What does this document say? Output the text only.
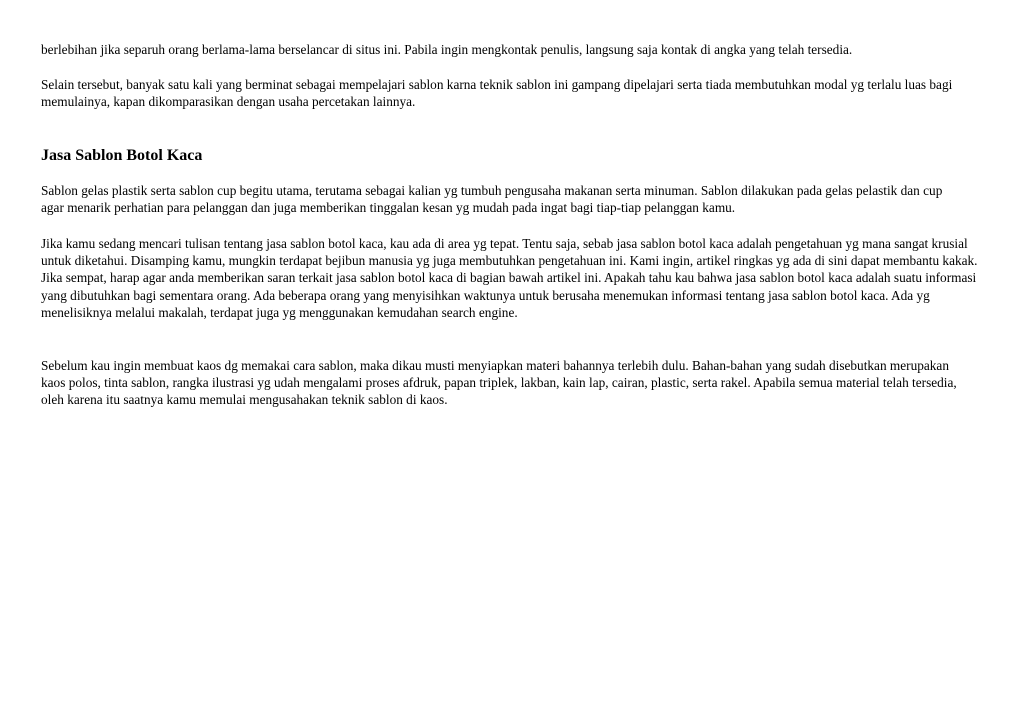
berlebihan jika separuh orang berlama-lama berselancar di situs ini. Pabila ingin mengkontak penulis, langsung saja kontak di angka yang telah tersedia.

Selain tersebut, banyak satu kali yang berminat sebagai mempelajari sablon karna teknik sablon ini gampang dipelajari serta tiada membutuhkan modal yg terlalu luas bagi memulainya, kapan dikomparasikan dengan usaha percetakan lainnya.

Jasa Sablon Botol Kaca

Sablon gelas plastik serta sablon cup begitu utama, terutama sebagai kalian yg tumbuh pengusaha makanan serta minuman. Sablon dilakukan pada gelas pelastik dan cup agar menarik perhatian para pelanggan dan juga memberikan tinggalan kesan yg mudah pada ingat bagi tiap-tiap pelanggan kamu.

Jika kamu sedang mencari tulisan tentang jasa sablon botol kaca, kau ada di area yg tepat. Tentu saja, sebab jasa sablon botol kaca adalah pengetahuan yg mana sangat krusial untuk diketahui. Disamping kamu, mungkin terdapat bejibun manusia yg juga membutuhkan pengetahuan ini. Kami ingin, artikel ringkas yg ada di sini dapat membantu kakak. Jika sempat, harap agar anda memberikan saran terkait jasa sablon botol kaca di bagian bawah artikel ini. Apakah tahu kau bahwa jasa sablon botol kaca adalah suatu informasi yang dibutuhkan bagi sementara orang. Ada beberapa orang yang menyisihkan waktunya untuk berusaha menemukan informasi tentang jasa sablon botol kaca. Ada yg menelisiknya melalui makalah, terdapat juga yg menggunakan kemudahan search engine.

Sebelum kau ingin membuat kaos dg memakai cara sablon, maka dikau musti menyiapkan materi bahannya terlebih dulu. Bahan-bahan yang sudah disebutkan merupakan kaos polos, tinta sablon, rangka ilustrasi yg udah mengalami proses afdruk, papan triplek, lakban, kain lap, cairan, plastic, serta rakel. Apabila semua material telah tersedia, oleh karena itu saatnya kamu memulai mengusahakan teknik sablon di kaos.
